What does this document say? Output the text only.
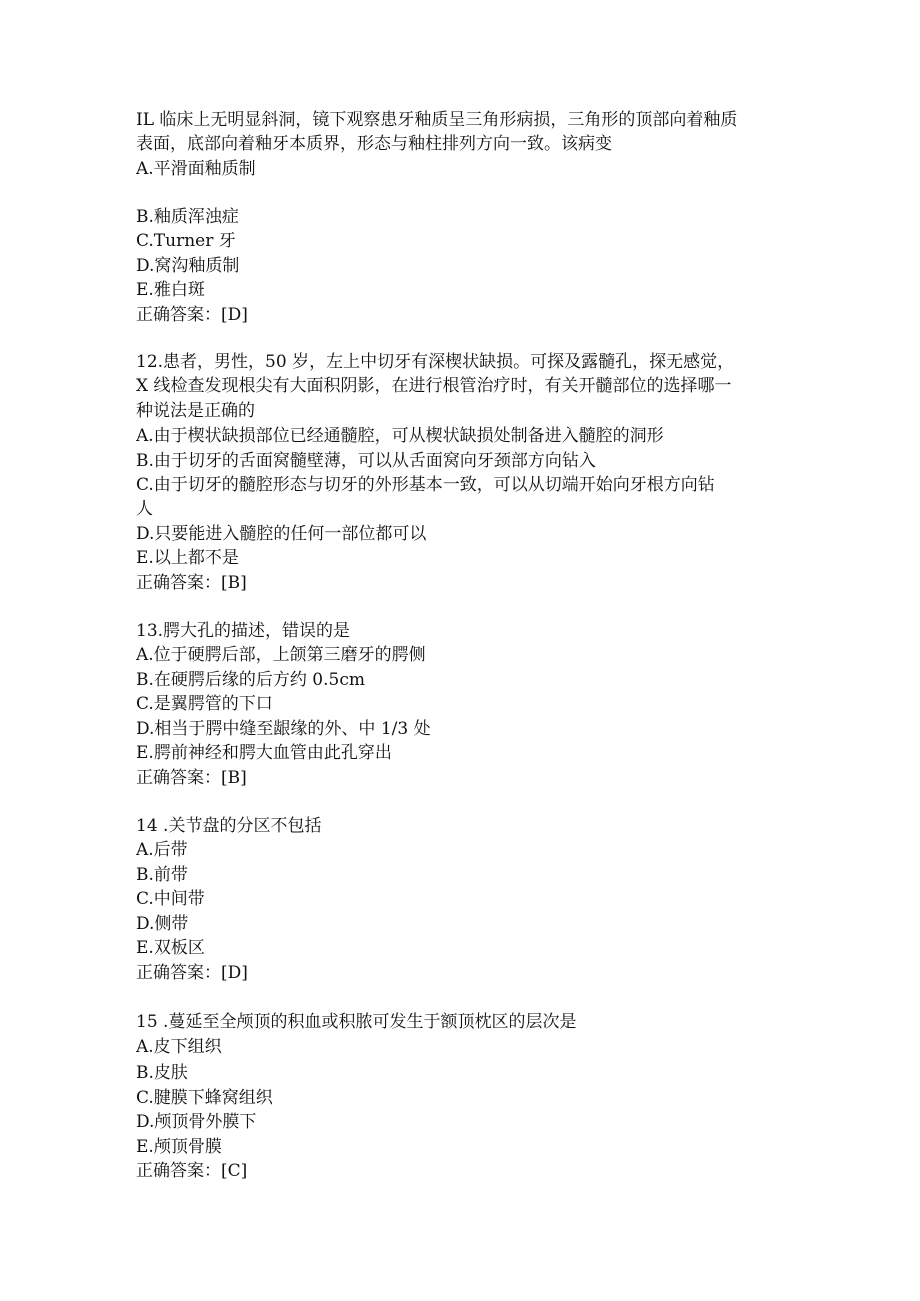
IL 临床上无明显斜洞，镜下观察患牙釉质呈三角形病损，三角形的顶部向着釉质
表面，底部向着釉牙本质界，形态与釉柱排列方向一致。该病变
A.平滑面釉质制
B.釉质浑浊症
C.Turner 牙
D.窝沟釉质制
E.雅白斑
正确答案：[D]
12.患者，男性，50 岁，左上中切牙有深楔状缺损。可探及露髓孔，探无感觉，
X 线检查发现根尖有大面积阴影，在进行根管治疗时，有关开髓部位的选择哪一
种说法是正确的
A.由于楔状缺损部位已经通髓腔，可从楔状缺损处制备进入髓腔的洞形
B.由于切牙的舌面窝髓壁薄，可以从舌面窝向牙颈部方向钻入
C.由于切牙的髓腔形态与切牙的外形基本一致，可以从切端开始向牙根方向钻
人
D.只要能进入髓腔的任何一部位都可以
E.以上都不是
正确答案：[B]
13.腭大孔的描述，错误的是
A.位于硬腭后部，上颌第三磨牙的腭侧
B.在硬腭后缘的后方约 0.5cm
C.是翼腭管的下口
D.相当于腭中缝至龈缘的外、中 1/3 处
E.腭前神经和腭大血管由此孔穿出
正确答案：[B]
14 .关节盘的分区不包括
A.后带
B.前带
C.中间带
D.侧带
E.双板区
正确答案：[D]
15 .蔓延至全颅顶的积血或积脓可发生于额顶枕区的层次是
A.皮下组织
B.皮肤
C.腱膜下蜂窝组织
D.颅顶骨外膜下
E.颅顶骨膜
正确答案：[C]
